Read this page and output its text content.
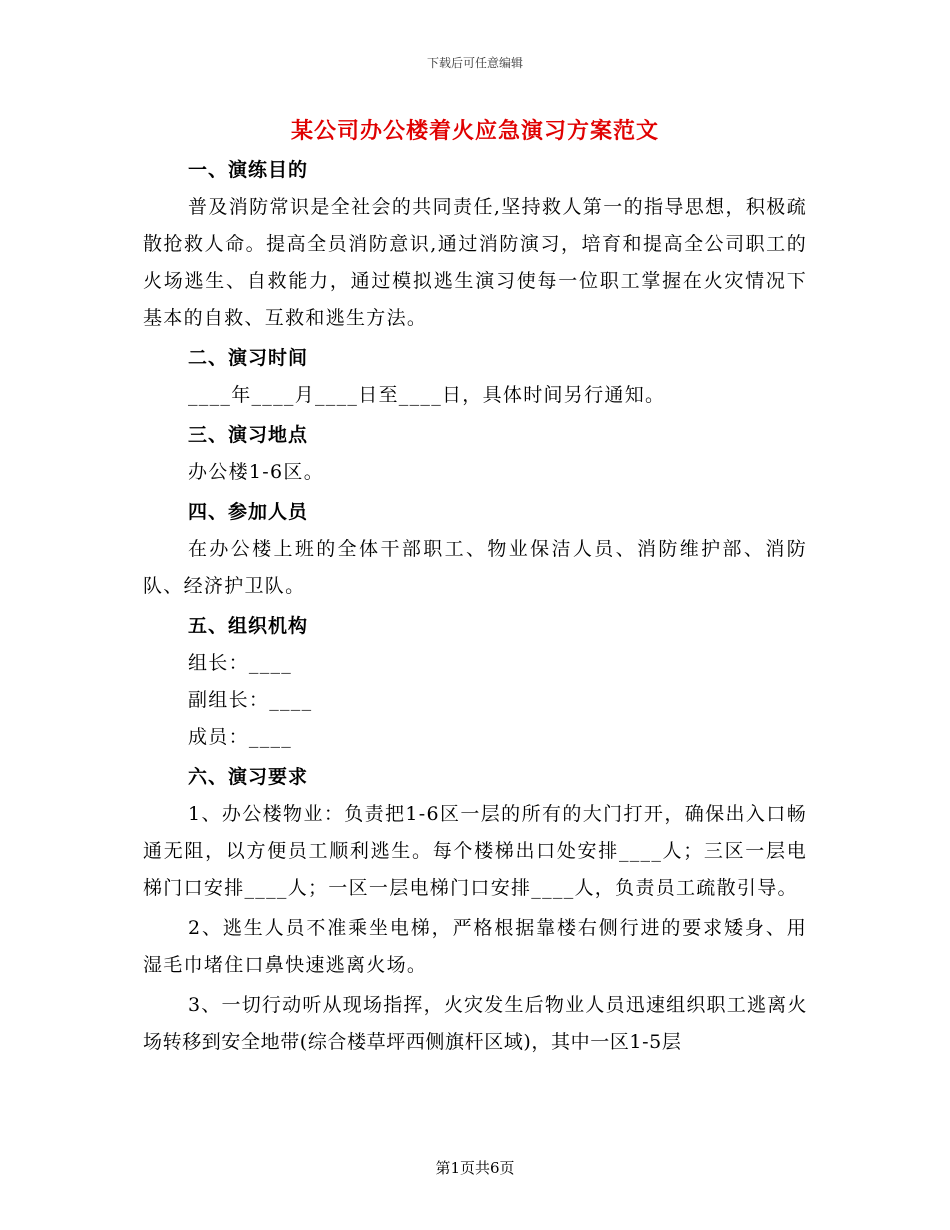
下载后可任意编辑
某公司办公楼着火应急演习方案范文
一、演练目的
普及消防常识是全社会的共同责任,坚持救人第一的指导思想，积极疏散抢救人命。提高全员消防意识,通过消防演习，培育和提高全公司职工的火场逃生、自救能力，通过模拟逃生演习使每一位职工掌握在火灾情况下基本的自救、互救和逃生方法。
二、演习时间
____年____月____日至____日，具体时间另行通知。
三、演习地点
办公楼1-6区。
四、参加人员
在办公楼上班的全体干部职工、物业保洁人员、消防维护部、消防队、经济护卫队。
五、组织机构
组长：____
副组长：____
成员：____
六、演习要求
1、办公楼物业：负责把1-6区一层的所有的大门打开，确保出入口畅通无阻，以方便员工顺利逃生。每个楼梯出口处安排____人；三区一层电梯门口安排____人；一区一层电梯门口安排____人，负责员工疏散引导。
2、逃生人员不准乘坐电梯，严格根据靠楼右侧行进的要求矮身、用湿毛巾堵住口鼻快速逃离火场。
3、一切行动听从现场指挥，火灾发生后物业人员迅速组织职工逃离火场转移到安全地带(综合楼草坪西侧旗杆区域)，其中一区1-5层
第1页共6页
